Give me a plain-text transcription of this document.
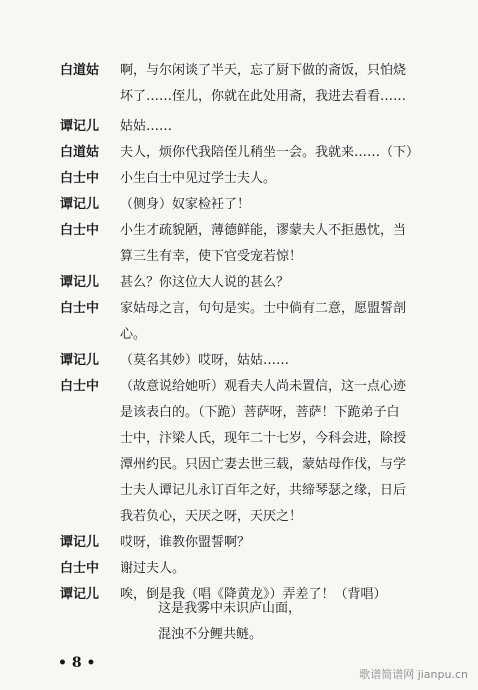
白道姑	啊，与尔闲谈了半天，忘了厨下做的斋饭，只怕烧
坏了……侄儿，你就在此处用斋，我进去看看……
谭记儿	姑姑……
白道姑	夫人，烦你代我陪侄儿稍坐一会。我就来……（下）
白士中	小生白士中见过学士夫人。
谭记儿	（侧身）奴家检衽了！
白士中	小生才疏貌陋，薄德鲜能，谬蒙夫人不拒愚忱，当
算三生有幸，使下官受宠若惊！
谭记儿	甚么？你这位大人说的甚么？
白士中	家姑母之言，句句是实。士中倘有二意，愿盟誓剖
心。
谭记儿	（莫名其妙）哎呀，姑姑……
白士中	（故意说给她听）观看夫人尚未置信，这一点心迹
是该表白的。（下跪）菩萨呀，菩萨！下跪弟子白
士中，汴梁人氏，现年二十七岁，今科会进，除授
潭州约民。只因亡妻去世三载，蒙姑母作伐，与学
士夫人谭记儿永订百年之好，共缔琴瑟之缘，日后
我若负心，天厌之呀，天厌之！
谭记儿	哎呀，谁教你盟誓啊？
白士中	谢过夫人。
谭记儿	唉，倒是我（唱《降黄龙》）弄差了！（背唱）
这是我雾中未识庐山面，
混浊不分鲤共鲢。
• 8 •
歌谱简谱网 jianpu.cn
